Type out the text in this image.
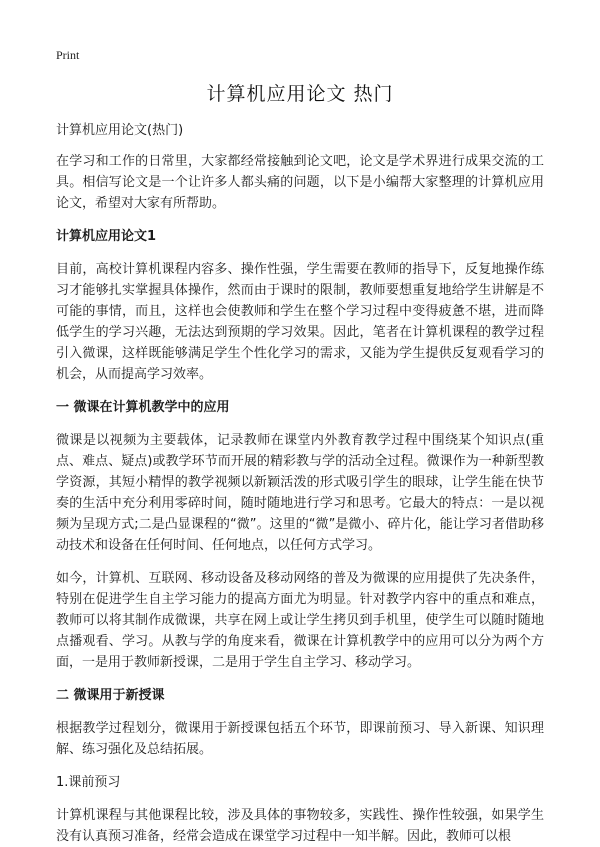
Print
计算机应用论文 热门

计算机应用论文(热门)

在学习和工作的日常里，大家都经常接触到论文吧，论文是学术界进行成果交流的工具。相信写论文是一个让许多人都头痛的问题，以下是小编帮大家整理的计算机应用论文，希望对大家有所帮助。

计算机应用论文1

目前，高校计算机课程内容多、操作性强，学生需要在教师的指导下，反复地操作练习才能够扎实掌握具体操作，然而由于课时的限制，教师要想重复地给学生讲解是不可能的事情，而且，这样也会使教师和学生在整个学习过程中变得疲惫不堪，进而降低学生的学习兴趣，无法达到预期的学习效果。因此，笔者在计算机课程的教学过程引入微课，这样既能够满足学生个性化学习的需求，又能为学生提供反复观看学习的机会，从而提高学习效率。

一 微课在计算机教学中的应用

微课是以视频为主要载体，记录教师在课堂内外教育教学过程中围绕某个知识点(重点、难点、疑点)或教学环节而开展的精彩教与学的活动全过程。微课作为一种新型教学资源，其短小精悍的教学视频以新颖活泼的形式吸引学生的眼球，让学生能在快节奏的生活中充分利用零碎时间，随时随地进行学习和思考。它最大的特点：一是以视频为呈现方式;二是凸显课程的“微”。这里的“微”是微小、碎片化，能让学习者借助移动技术和设备在任何时间、任何地点，以任何方式学习。

如今，计算机、互联网、移动设备及移动网络的普及为微课的应用提供了先决条件，特别在促进学生自主学习能力的提高方面尤为明显。针对教学内容中的重点和难点，教师可以将其制作成微课，共享在网上或让学生拷贝到手机里，使学生可以随时随地点播观看、学习。从教与学的角度来看，微课在计算机教学中的应用可以分为两个方面，一是用于教师新授课，二是用于学生自主学习、移动学习。

二 微课用于新授课

根据教学过程划分，微课用于新授课包括五个环节，即课前预习、导入新课、知识理解、练习强化及总结拓展。

1.课前预习

计算机课程与其他课程比较，涉及具体的事物较多，实践性、操作性较强，如果学生没有认真预习准备，经常会造成在课堂学习过程中一知半解。因此，教师可以根
